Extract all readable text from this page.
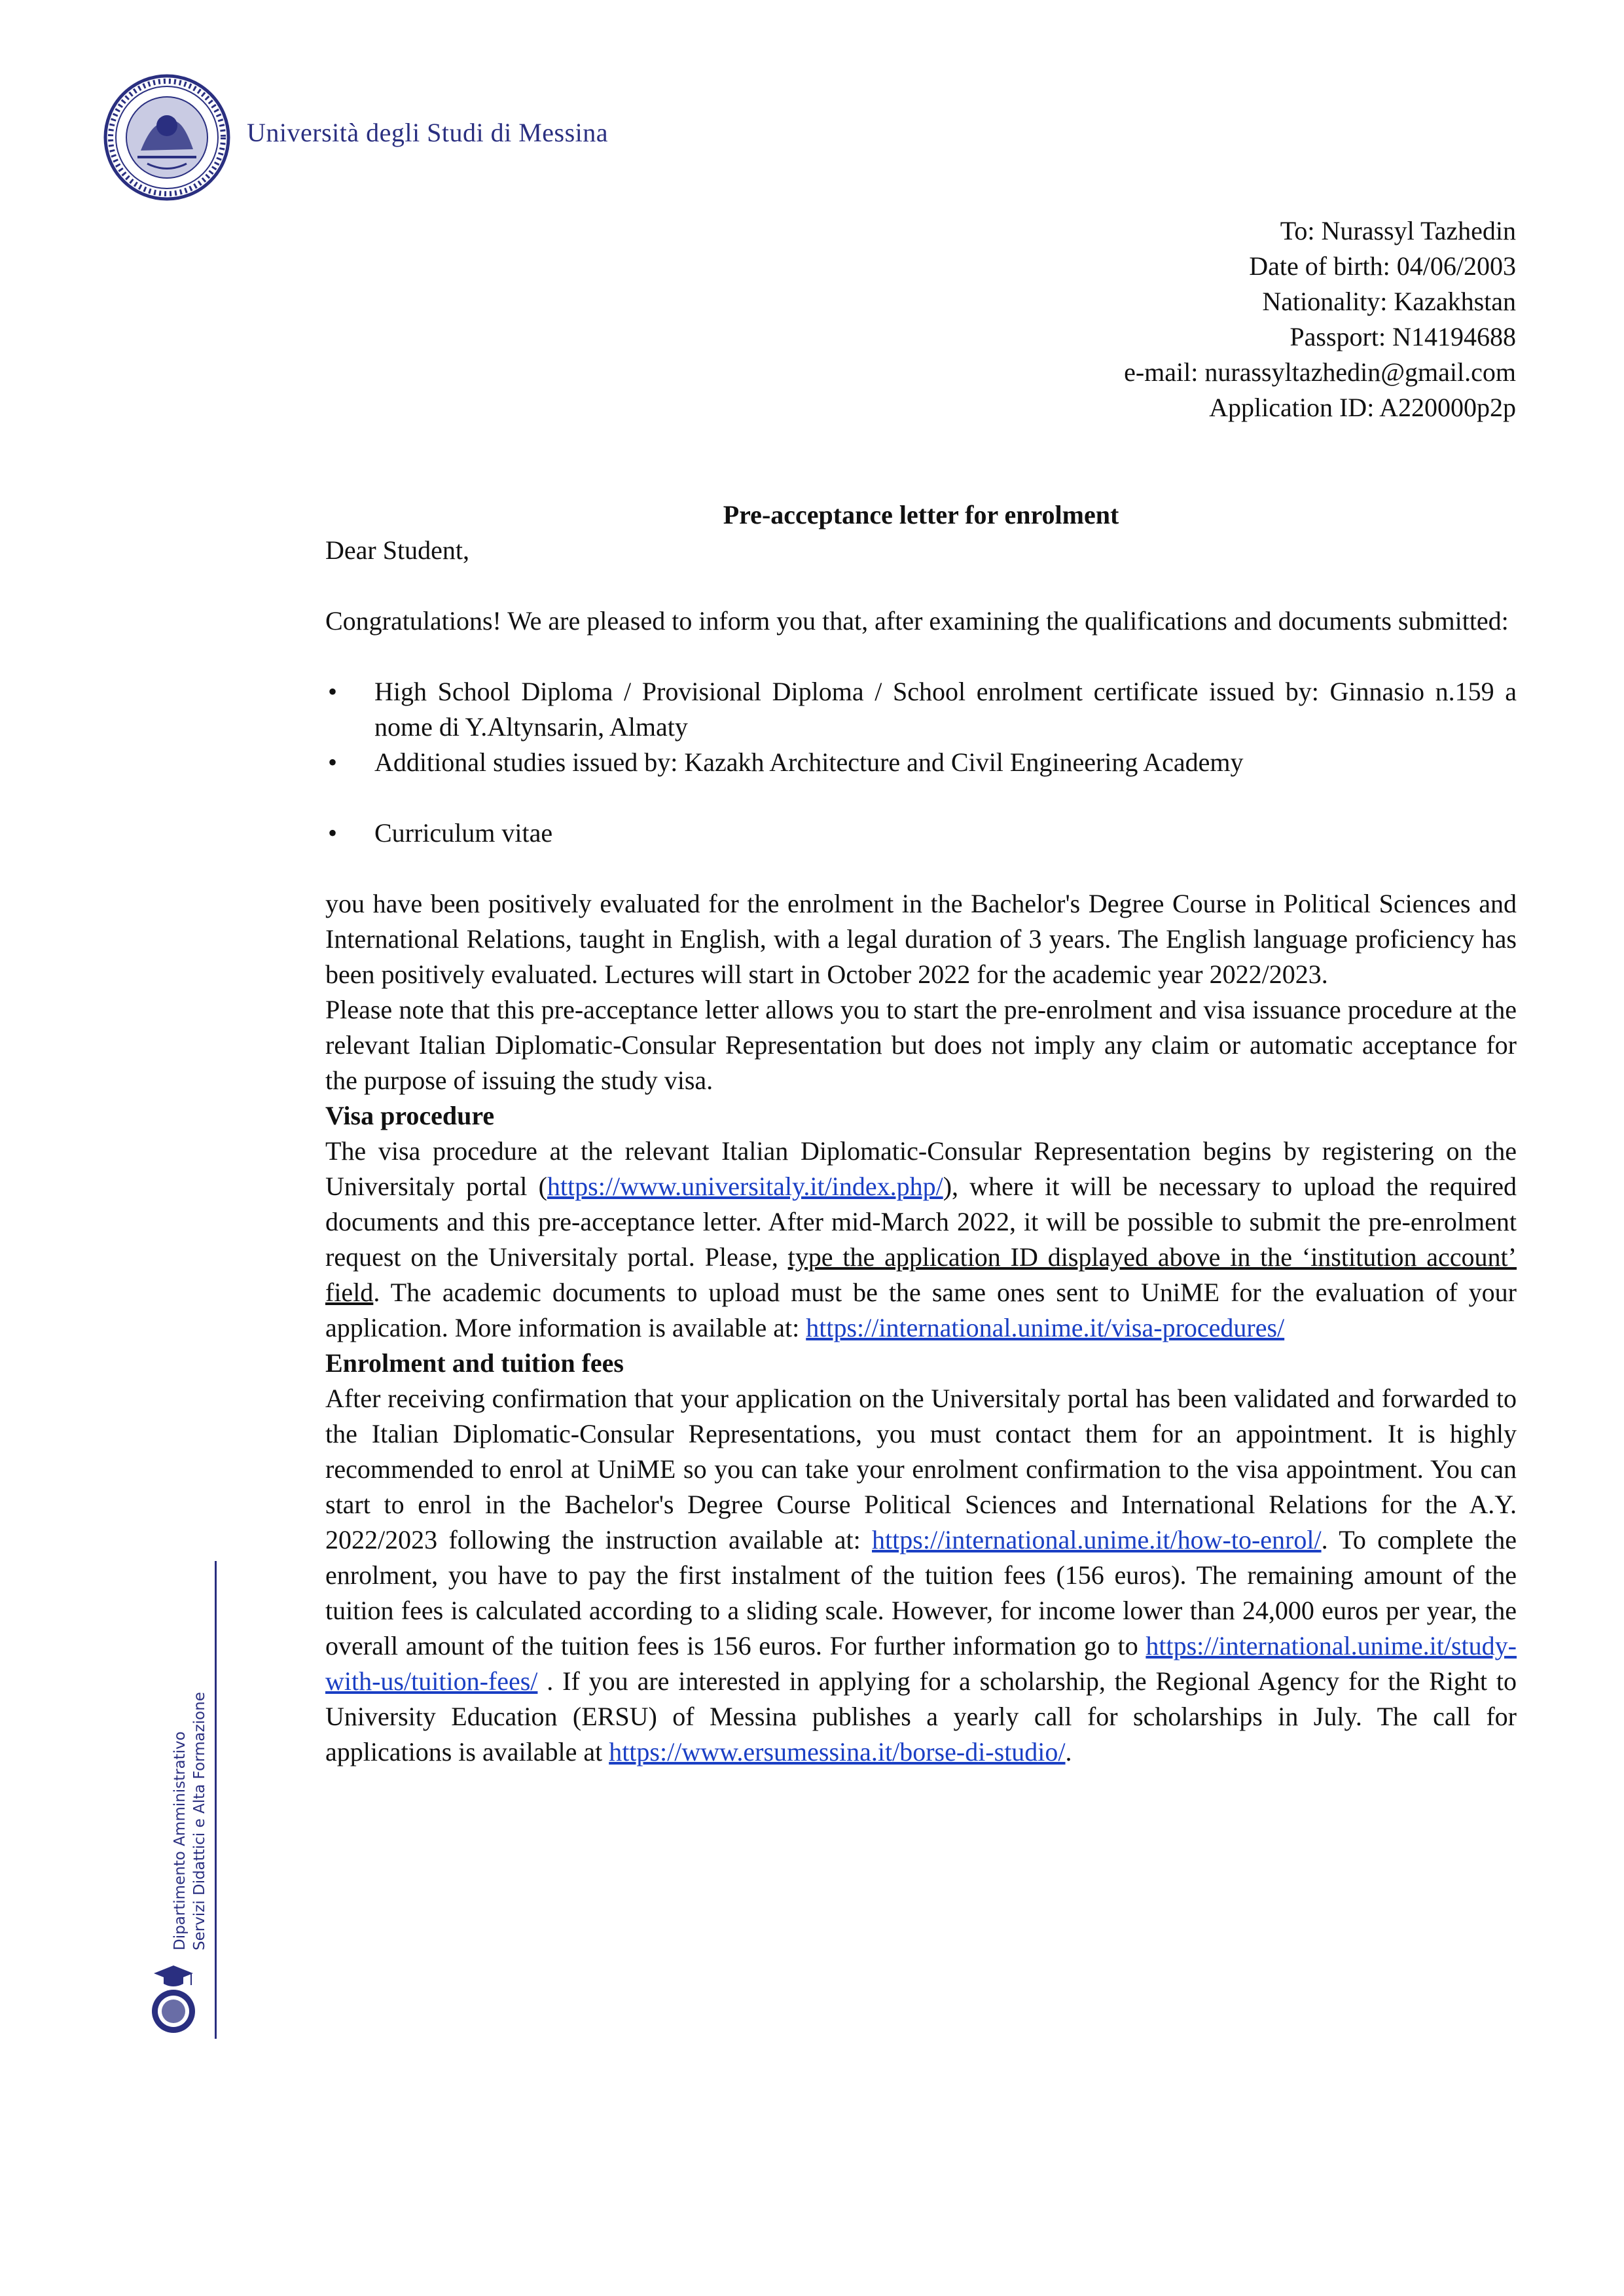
Università degli Studi di Messina
To: Nurassyl Tazhedin
Date of birth: 04/06/2003
Nationality: Kazakhstan
Passport: N14194688
e-mail: nurassyltazhedin@gmail.com
Application ID: A220000p2p

Pre-acceptance letter for enrolment

Dear Student,

Congratulations! We are pleased to inform you that, after examining the qualifications and documents submitted:

• High School Diploma / Provisional Diploma / School enrolment certificate issued by: Ginnasio n.159 a nome di Y.Altynsarin, Almaty
• Additional studies issued by: Kazakh Architecture and Civil Engineering Academy
• Curriculum vitae

you have been positively evaluated for the enrolment in the Bachelor's Degree Course in Political Sciences and International Relations, taught in English, with a legal duration of 3 years. The English language proficiency has been positively evaluated. Lectures will start in October 2022 for the academic year 2022/2023.

Please note that this pre-acceptance letter allows you to start the pre-enrolment and visa issuance procedure at the relevant Italian Diplomatic-Consular Representation but does not imply any claim or automatic acceptance for the purpose of issuing the study visa.

Visa procedure

The visa procedure at the relevant Italian Diplomatic-Consular Representation begins by registering on the Universitaly portal (https://www.universitaly.it/index.php/), where it will be necessary to upload the required documents and this pre-acceptance letter. After mid-March 2022, it will be possible to submit the pre-enrolment request on the Universitaly portal. Please, type the application ID displayed above in the ‘institution account’ field. The academic documents to upload must be the same ones sent to UniME for the evaluation of your application. More information is available at: https://international.unime.it/visa-procedures/

Enrolment and tuition fees

After receiving confirmation that your application on the Universitaly portal has been validated and forwarded to the Italian Diplomatic-Consular Representations, you must contact them for an appointment. It is highly recommended to enrol at UniME so you can take your enrolment confirmation to the visa appointment. You can start to enrol in the Bachelor's Degree Course Political Sciences and International Relations for the A.Y. 2022/2023 following the instruction available at: https://international.unime.it/how-to-enrol/. To complete the enrolment, you have to pay the first instalment of the tuition fees (156 euros). The remaining amount of the tuition fees is calculated according to a sliding scale. However, for income lower than 24,000 euros per year, the overall amount of the tuition fees is 156 euros. For further information go to https://international.unime.it/study-with-us/tuition-fees/ . If you are interested in applying for a scholarship, the Regional Agency for the Right to University Education (ERSU) of Messina publishes a yearly call for scholarships in July. The call for applications is available at https://www.ersumessina.it/borse-di-studio/.

Dipartimento Amministrativo Servizi Didattici e Alta Formazione
